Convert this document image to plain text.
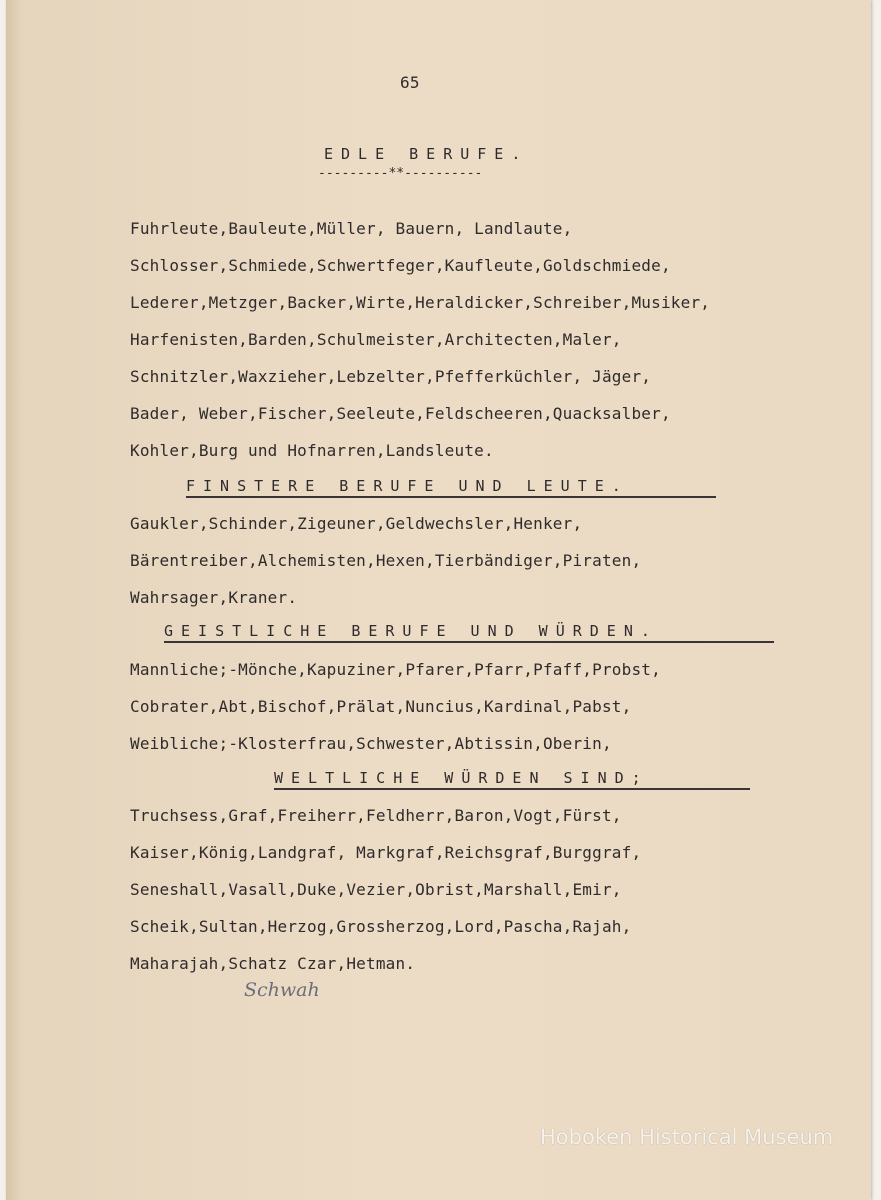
65
EDLE BERUFE.
---------**----------
Fuhrleute,Bauleute,Müller, Bauern, Landlaute,
Schlosser,Schmiede,Schwertfeger,Kaufleute,Goldschmiede,
Lederer,Metzger,Backer,Wirte,Heraldicker,Schreiber,Musiker,
Harfenisten,Barden,Schulmeister,Architecten,Maler,
Schnitzler,Waxzieher,Lebzelter,Pfefferküchler, Jäger,
Bader, Weber,Fischer,Seeleute,Feldscheeren,Quacksalber,
Kohler,Burg und Hofnarren,Landsleute.
FINSTERE BERUFE UND LEUTE.
Gaukler,Schinder,Zigeuner,Geldwechsler,Henker,
Bärentreiber,Alchemisten,Hexen,Tierbändiger,Piraten,
Wahrsager,Kraner.
GEISTLICHE BERUFE UND WÜRDEN.
Mannliche;-Mönche,Kapuziner,Pfarer,Pfarr,Pfaff,Probst,
Cobrater,Abt,Bischof,Prälat,Nuncius,Kardinal,Pabst,
Weibliche;-Klosterfrau,Schwester,Abtissin,Oberin,
WELTLICHE WÜRDEN SIND;
Truchsess,Graf,Freiherr,Feldherr,Baron,Vogt,Fürst,
Kaiser,König,Landgraf, Markgraf,Reichsgraf,Burggraf,
Seneshall,Vasall,Duke,Vezier,Obrist,Marshall,Emir,
Scheik,Sultan,Herzog,Grossherzog,Lord,Pascha,Rajah,
Maharajah,Schatz Czar,Hetman.
Schwah
Hoboken Historical Museum
